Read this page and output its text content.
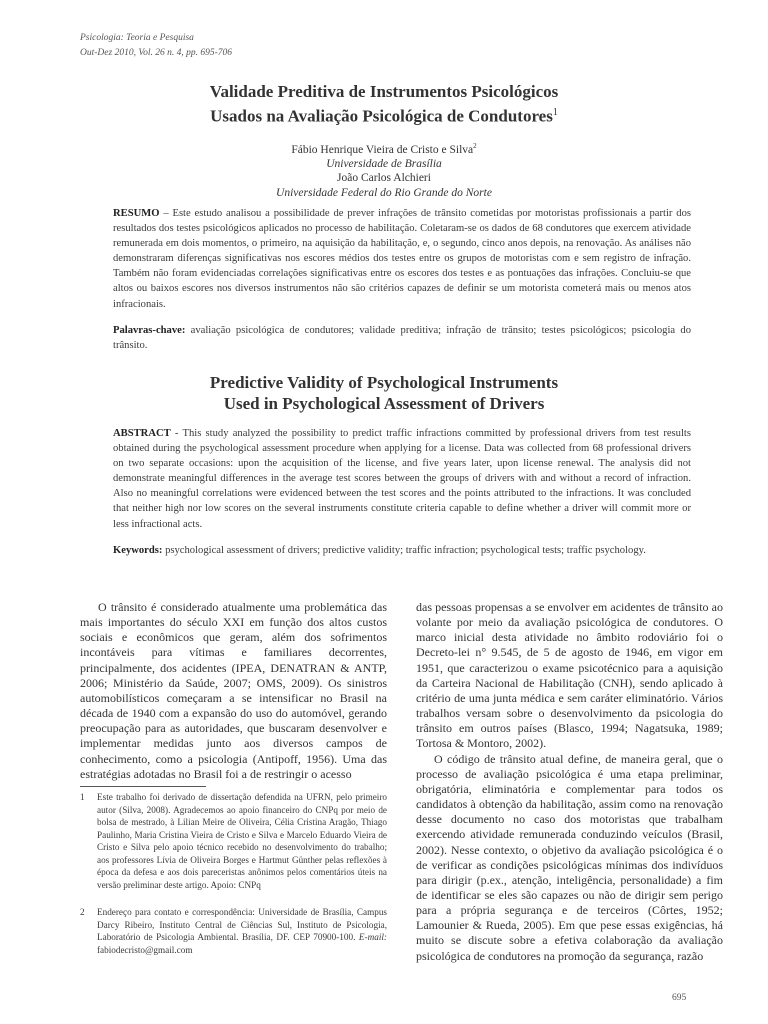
Psicologia: Teoria e Pesquisa
Out-Dez 2010, Vol. 26 n. 4, pp. 695-706
Validade Preditiva de Instrumentos Psicológicos
Usados na Avaliação Psicológica de Condutores$^1$
Fábio Henrique Vieira de Cristo e Silva$^2$
Universidade de Brasília
João Carlos Alchieri
Universidade Federal do Rio Grande do Norte
RESUMO – Este estudo analisou a possibilidade de prever infrações de trânsito cometidas por motoristas profissionais a partir dos resultados dos testes psicológicos aplicados no processo de habilitação. Coletaram-se os dados de 68 condutores que exercem atividade remunerada em dois momentos, o primeiro, na aquisição da habilitação, e, o segundo, cinco anos depois, na renovação. As análises não demonstraram diferenças significativas nos escores médios dos testes entre os grupos de motoristas com e sem registro de infração. Também não foram evidenciadas correlações significativas entre os escores dos testes e as pontuações das infrações. Concluiu-se que altos ou baixos escores nos diversos instrumentos não são critérios capazes de definir se um motorista cometerá mais ou menos atos infracionais.
Palavras-chave: avaliação psicológica de condutores; validade preditiva; infração de trânsito; testes psicológicos; psicologia do trânsito.
Predictive Validity of Psychological Instruments
Used in Psychological Assessment of Drivers
ABSTRACT - This study analyzed the possibility to predict traffic infractions committed by professional drivers from test results obtained during the psychological assessment procedure when applying for a license. Data was collected from 68 professional drivers on two separate occasions: upon the acquisition of the license, and five years later, upon license renewal. The analysis did not demonstrate meaningful differences in the average test scores between the groups of drivers with and without a record of infraction. Also no meaningful correlations were evidenced between the test scores and the points attributed to the infractions. It was concluded that neither high nor low scores on the several instruments constitute criteria capable to define whether a driver will commit more or less infractional acts.
Keywords: psychological assessment of drivers; predictive validity; traffic infraction; psychological tests; traffic psychology.

O trânsito é considerado atualmente uma problemática das mais importantes do século XXI em função dos altos custos sociais e econômicos que geram, além dos sofrimentos incontáveis para vítimas e familiares decorrentes, principalmente, dos acidentes (IPEA, DENATRAN & ANTP, 2006; Ministério da Saúde, 2007; OMS, 2009). Os sinistros automobilísticos começaram a se intensificar no Brasil na década de 1940 com a expansão do uso do automóvel, gerando preocupação para as autoridades, que buscaram desenvolver e implementar medidas junto aos diversos campos de conhecimento, como a psicologia (Antipoff, 1956). Uma das estratégias adotadas no Brasil foi a de restringir o acesso

das pessoas propensas a se envolver em acidentes de trânsito ao volante por meio da avaliação psicológica de condutores. O marco inicial desta atividade no âmbito rodoviário foi o Decreto-lei n° 9.545, de 5 de agosto de 1946, em vigor em 1951, que caracterizou o exame psicotécnico para a aquisição da Carteira Nacional de Habilitação (CNH), sendo aplicado à critério de uma junta médica e sem caráter eliminatório. Vários trabalhos versam sobre o desenvolvimento da psicologia do trânsito em outros países (Blasco, 1994; Nagatsuka, 1989; Tortosa & Montoro, 2002).

O código de trânsito atual define, de maneira geral, que o processo de avaliação psicológica é uma etapa preliminar, obrigatória, eliminatória e complementar para todos os candidatos à obtenção da habilitação, assim como na renovação desse documento no caso dos motoristas que trabalham exercendo atividade remunerada conduzindo veículos (Brasil, 2002). Nesse contexto, o objetivo da avaliação psicológica é o de verificar as condições psicológicas mínimas dos indivíduos para dirigir (p.ex., atenção, inteligência, personalidade) a fim de identificar se eles são capazes ou não de dirigir sem perigo para a própria segurança e de terceiros (Côrtes, 1952; Lamounier & Rueda, 2005). Em que pese essas exigências, há muito se discute sobre a efetiva colaboração da avaliação psicológica de condutores na promoção da segurança, razão

1 Este trabalho foi derivado de dissertação defendida na UFRN, pelo primeiro autor (Silva, 2008). Agradecemos ao apoio financeiro do CNPq por meio de bolsa de mestrado, à Lilian Meire de Oliveira, Célia Cristina Aragão, Thiago Paulinho, Maria Cristina Vieira de Cristo e Silva e Marcelo Eduardo Vieira de Cristo e Silva pelo apoio técnico recebido no desenvolvimento do trabalho; aos professores Lívia de Oliveira Borges e Hartmut Günther pelas reflexões à época da defesa e aos dois pareceristas anônimos pelos comentários úteis na versão preliminar deste artigo. Apoio: CNPq
2 Endereço para contato e correspondência: Universidade de Brasília, Campus Darcy Ribeiro, Instituto Central de Ciências Sul, Instituto de Psicologia, Laboratório de Psicologia Ambiental. Brasília, DF. CEP 70900-100. E-mail: fabiodecristo@gmail.com
695
